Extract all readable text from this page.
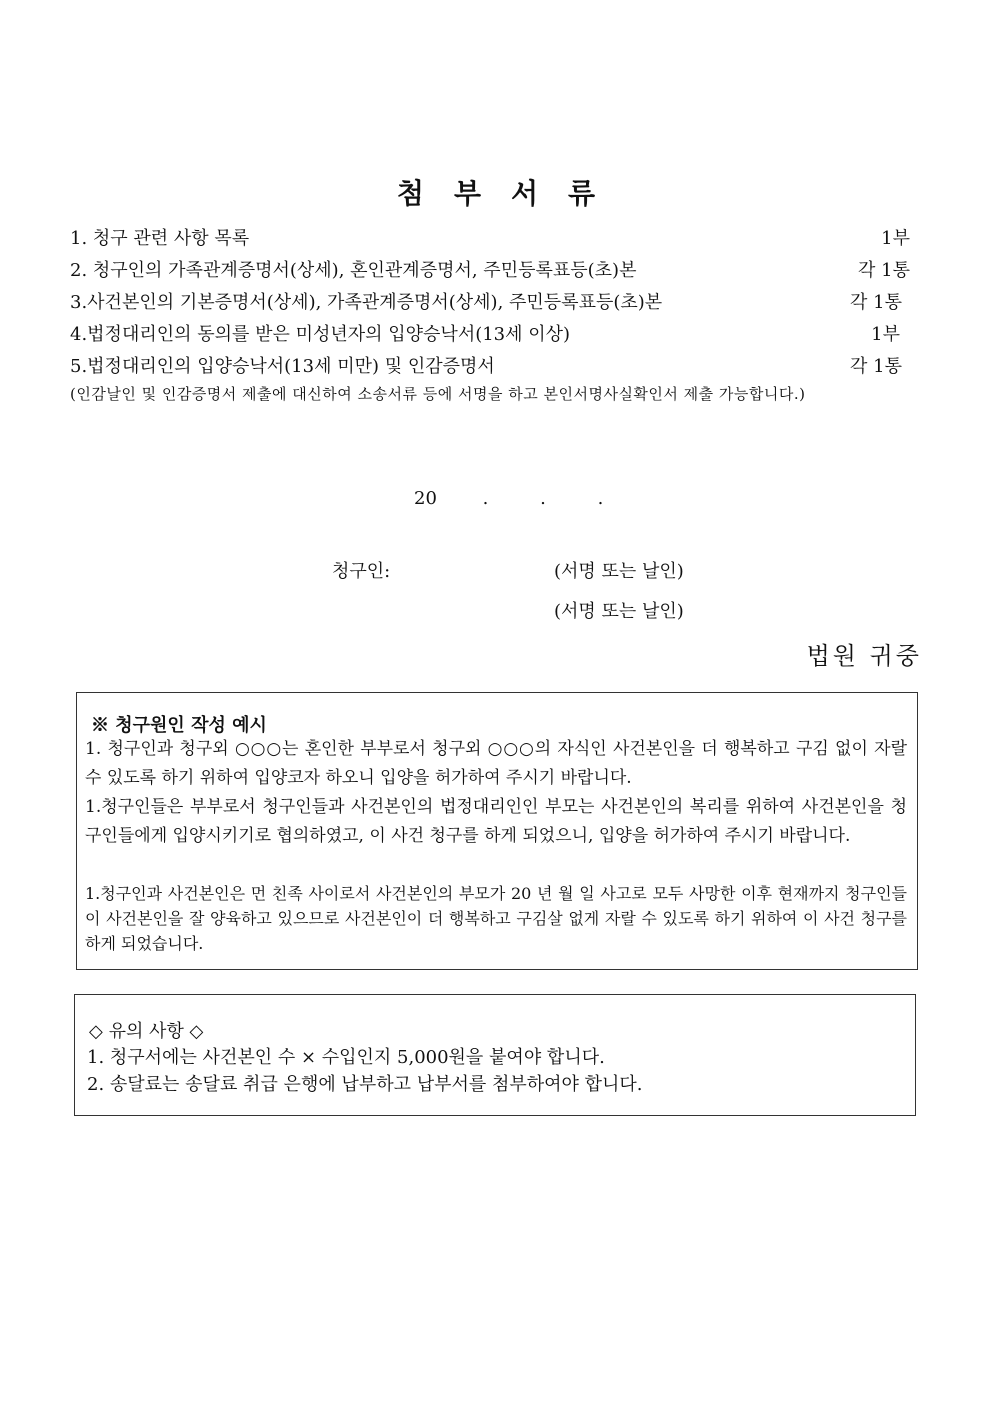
첨부서류
1. 청구 관련 사항 목록	1부
2. 청구인의 가족관계증명서(상세), 혼인관계증명서, 주민등록표등(초)본	각 1통
3.사건본인의 기본증명서(상세), 가족관계증명서(상세), 주민등록표등(초)본	각 1통
4.법정대리인의 동의를 받은 미성년자의 입양승낙서(13세 이상)	1부
5.법정대리인의 입양승낙서(13세 미만) 및 인감증명서	각 1통
(인감날인 및 인감증명서 제출에 대신하여 소송서류 등에 서명을 하고 본인서명사실확인서 제출 가능합니다.)
20	.	.	.
청구인:	(서명 또는 날인)
(서명 또는 날인)
법원 귀중
※ 청구원인 작성 예시
1. 청구인과 청구외 ○○○는 혼인한 부부로서 청구외 ○○○의 자식인 사건본인을 더 행복하고 구김 없이 자랄 수 있도록 하기 위하여 입양코자 하오니 입양을 허가하여 주시기 바랍니다.
1.청구인들은 부부로서 청구인들과 사건본인의 법정대리인인 부모는 사건본인의 복리를 위하여 사건본인을 청구인들에게 입양시키기로 협의하였고, 이 사건 청구를 하게 되었으니, 입양을 허가하여 주시기 바랍니다.
1.청구인과 사건본인은 먼 친족 사이로서 사건본인의 부모가 20 년 월 일 사고로 모두 사망한 이후 현재까지 청구인들이 사건본인을 잘 양육하고 있으므로 사건본인이 더 행복하고 구김살 없게 자랄 수 있도록 하기 위하여 이 사건 청구를 하게 되었습니다.
◇ 유의 사항 ◇
1. 청구서에는 사건본인 수 × 수입인지 5,000원을 붙여야 합니다.
2. 송달료는 송달료 취급 은행에 납부하고 납부서를 첨부하여야 합니다.
